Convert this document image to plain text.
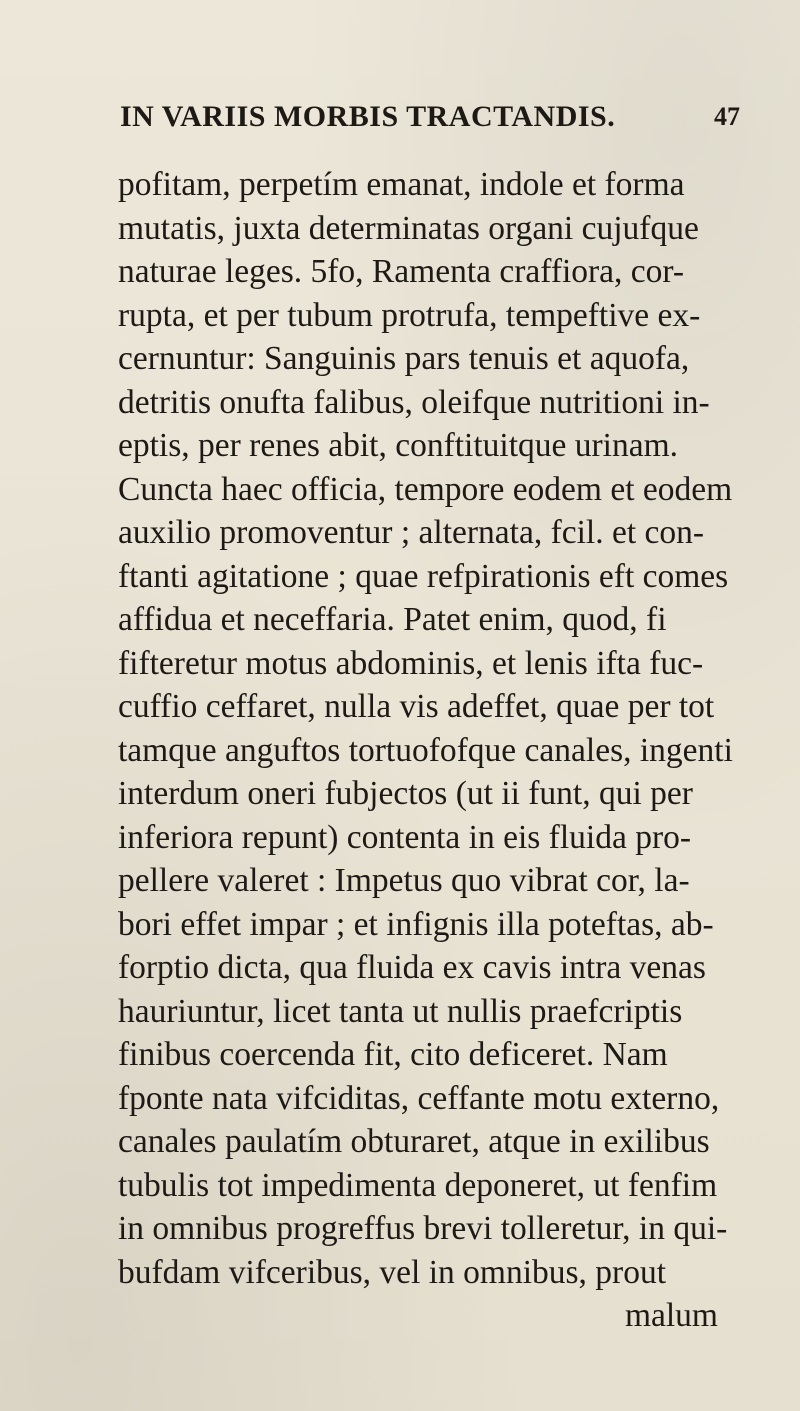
IN VARIIS MORBIS TRACTANDIS.	47
pofitam, perpetím emanat, indole et forma
mutatis, juxta determinatas organi cujufque
naturae leges. 5fo, Ramenta craffiora, cor-
rupta, et per tubum protrufa, tempeftive ex-
cernuntur: Sanguinis pars tenuis et aquofa,
detritis onufta falibus, oleifque nutritioni in-
eptis, per renes abit, conftituitque urinam.
Cuncta haec officia, tempore eodem et eodem
auxilio promoventur ; alternata, fcil. et con-
ftanti agitatione ; quae refpirationis eft comes
affidua et neceffaria. Patet enim, quod, fi
fifteretur motus abdominis, et lenis ifta fuc-
cuffio ceffaret, nulla vis adeffet, quae per tot
tamque anguftos tortuofofque canales, ingenti
interdum oneri fubjectos (ut ii funt, qui per
inferiora repunt) contenta in eis fluida pro-
pellere valeret : Impetus quo vibrat cor, la-
bori effet impar ; et infignis illa poteftas, ab-
forptio dicta, qua fluida ex cavis intra venas
hauriuntur, licet tanta ut nullis praefcriptis
finibus coercenda fit, cito deficeret. Nam
fponte nata vifciditas, ceffante motu externo,
canales paulatím obturaret, atque in exilibus
tubulis tot impedimenta deponeret, ut fenfim
in omnibus progreffus brevi tolleretur, in qui-
bufdam vifceribus, vel in omnibus, prout
malum
